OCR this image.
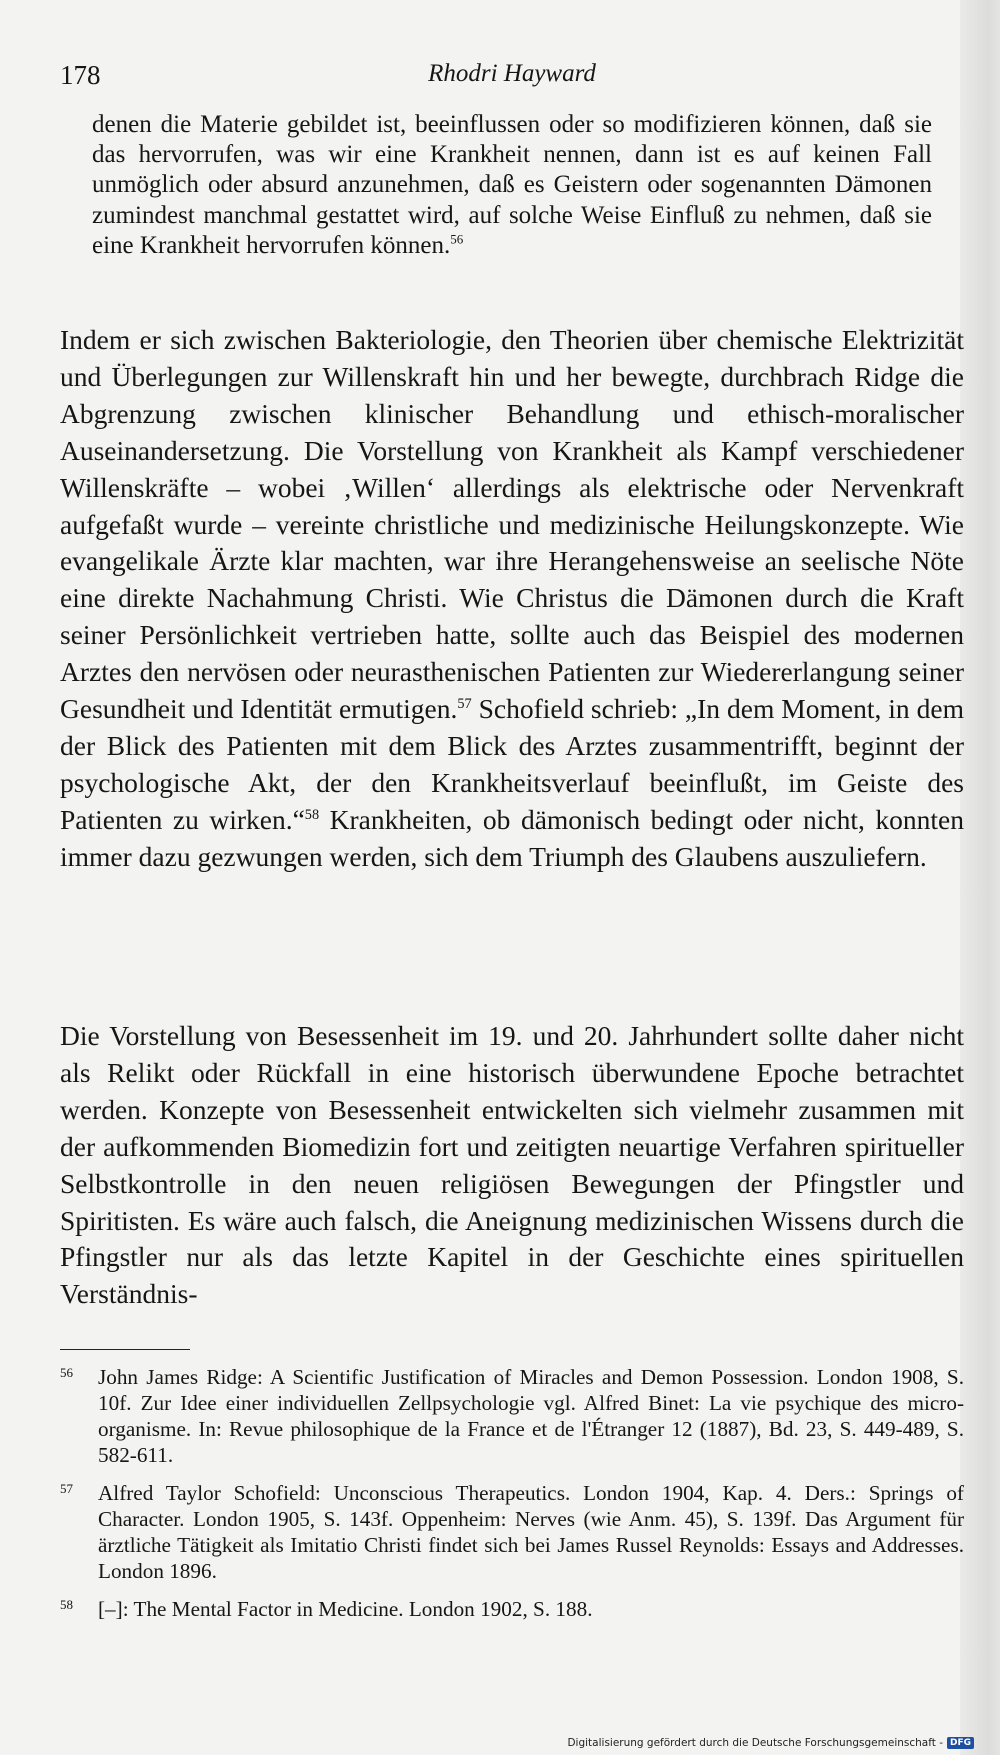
178	Rhodri Hayward
denen die Materie gebildet ist, beeinflussen oder so modifizieren können, daß sie das hervorrufen, was wir eine Krankheit nennen, dann ist es auf keinen Fall unmöglich oder absurd anzunehmen, daß es Geistern oder sogenannten Dämonen zumindest manchmal gestattet wird, auf solche Weise Einfluß zu nehmen, daß sie eine Krankheit hervorrufen können.$^{56}$
Indem er sich zwischen Bakteriologie, den Theorien über chemische Elektrizität und Überlegungen zur Willenskraft hin und her bewegte, durchbrach Ridge die Abgrenzung zwischen klinischer Behandlung und ethisch-moralischer Auseinandersetzung. Die Vorstellung von Krankheit als Kampf verschiedener Willenskräfte – wobei ‚Willen‘ allerdings als elektrische oder Nervenkraft aufgefaßt wurde – vereinte christliche und medizinische Heilungskonzepte. Wie evangelikale Ärzte klar machten, war ihre Herangehensweise an seelische Nöte eine direkte Nachahmung Christi. Wie Christus die Dämonen durch die Kraft seiner Persönlichkeit vertrieben hatte, sollte auch das Beispiel des modernen Arztes den nervösen oder neurasthenischen Patienten zur Wiedererlangung seiner Gesundheit und Identität ermutigen.$^{57}$ Schofield schrieb: „In dem Moment, in dem der Blick des Patienten mit dem Blick des Arztes zusammentrifft, beginnt der psychologische Akt, der den Krankheitsverlauf beeinflußt, im Geiste des Patienten zu wirken.“$^{58}$ Krankheiten, ob dämonisch bedingt oder nicht, konnten immer dazu gezwungen werden, sich dem Triumph des Glaubens auszuliefern.
Die Vorstellung von Besessenheit im 19. und 20. Jahrhundert sollte daher nicht als Relikt oder Rückfall in eine historisch überwundene Epoche betrachtet werden. Konzepte von Besessenheit entwickelten sich vielmehr zusammen mit der aufkommenden Biomedizin fort und zeitigten neuartige Verfahren spiritueller Selbstkontrolle in den neuen religiösen Bewegungen der Pfingstler und Spiritisten. Es wäre auch falsch, die Aneignung medizinischen Wissens durch die Pfingstler nur als das letzte Kapitel in der Geschichte eines spirituellen Verständnis-
56 John James Ridge: A Scientific Justification of Miracles and Demon Possession. London 1908, S. 10f. Zur Idee einer individuellen Zellpsychologie vgl. Alfred Binet: La vie psychique des micro-organisme. In: Revue philosophique de la France et de l'Étranger 12 (1887), Bd. 23, S. 449-489, S. 582-611.
57 Alfred Taylor Schofield: Unconscious Therapeutics. London 1904, Kap. 4. Ders.: Springs of Character. London 1905, S. 143f. Oppenheim: Nerves (wie Anm. 45), S. 139f. Das Argument für ärztliche Tätigkeit als Imitatio Christi findet sich bei James Russel Reynolds: Essays and Addresses. London 1896.
58 [–]: The Mental Factor in Medicine. London 1902, S. 188.
Digitalisierung gefördert durch die Deutsche Forschungsgemeinschaft - DFG
